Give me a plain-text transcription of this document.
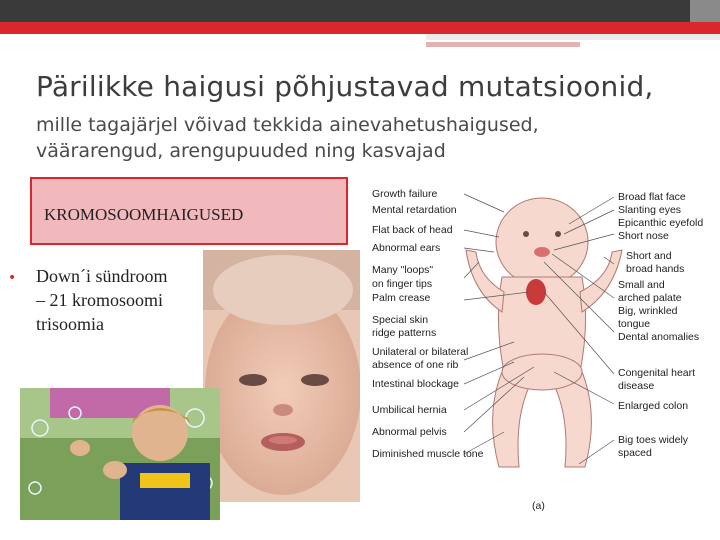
Pärilikke haigusi põhjustavad mutatsioonid,
mille tagajärjel võivad tekkida ainevahetushaigused,
väärarengud, arengupuuded ning kasvajad
KROMOSOOMHAIGUSED
• Down´i sündroom
– 21 kromosoomi
trisoomia
Growth failure
Mental retardation
Flat back of head
Abnormal ears
Many "loops"
on finger tips
Palm crease
Special skin
ridge patterns
Unilateral or bilateral
absence of one rib
Intestinal blockage
Umbilical hernia
Abnormal pelvis
Diminished muscle tone
Broad flat face
Slanting eyes
Epicanthic eyefold
Short nose
Short and
broad hands
Small and
arched palate
Big, wrinkled
tongue
Dental anomalies
Congenital heart
disease
Enlarged colon
Big toes widely
spaced
(a)
